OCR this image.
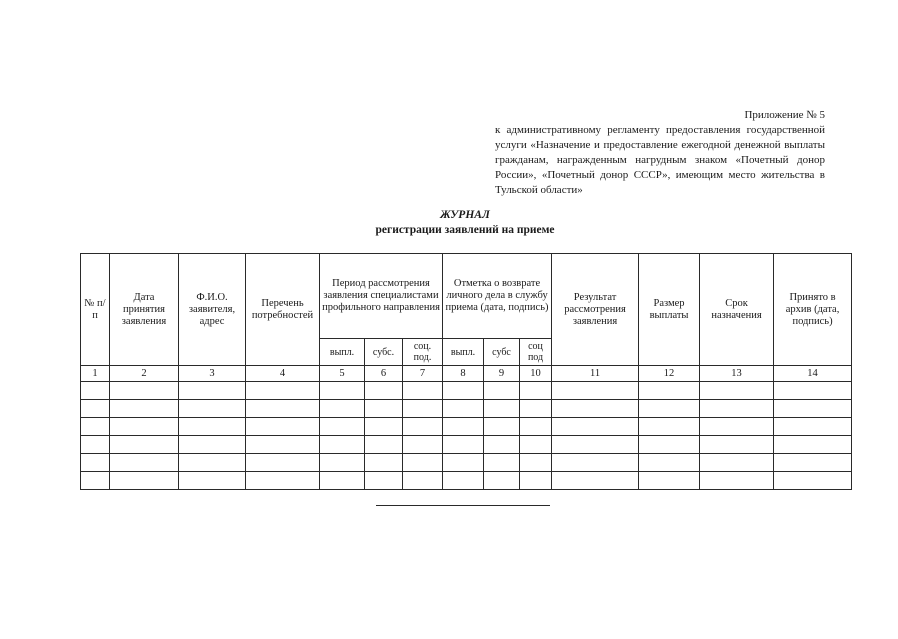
Приложение № 5
к административному регламенту предоставления государственной услуги «Назначение и предоставление ежегодной денежной выплаты гражданам, награжденным нагрудным знаком «Почетный донор России», «Почетный донор СССР», имеющим место жительства в Тульской области»
ЖУРНАЛ
регистрации заявлений на приеме
№ п/п	Дата принятия заявления	Ф.И.О. заявителя, адрес	Перечень потребностей	Период рассмотрения заявления специалистами профильного направления			Отметка о возврате личного дела в службу приема (дата, подпись)			Результат рассмотрения заявления	Размер выплаты	Срок назначения	Принято в архив (дата, подпись)
				выпл.	субс.	соц. под.	выпл.	субс	соц под				
1	2	3	4	5	6	7	8	9	10	11	12	13	14
